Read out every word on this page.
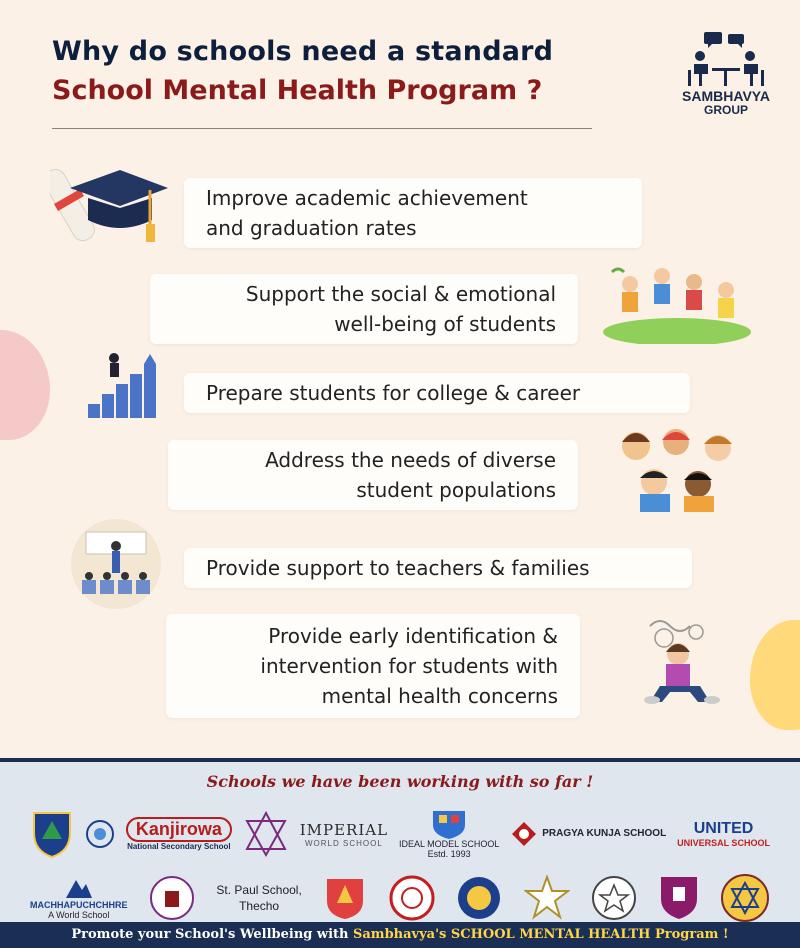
Why do schools need a standard
School Mental Health Program ?	SAMBHAVYA
GROUP
Improve academic achievement
and graduation rates
Support the social & emotional
well-being of students
Prepare students for college & career
Address the needs of diverse
student populations
Provide support to teachers & families
Provide early identification &
intervention for students with
mental health concerns
Schools we have been working with so far !
Kanjirowa
National Secondary School
IMPERIAL
WORLD SCHOOL IDEAL MODEL SCHOOL
Estd. 1993
PRAGYA KUNJA SCHOOL UNITED
UNIVERSAL SCHOOL
MACHHAPUCHCHHRE
A World School
St. Paul School,
Thecho
Promote your School's Wellbeing with Sambhavya's SCHOOL MENTAL HEALTH Program !
